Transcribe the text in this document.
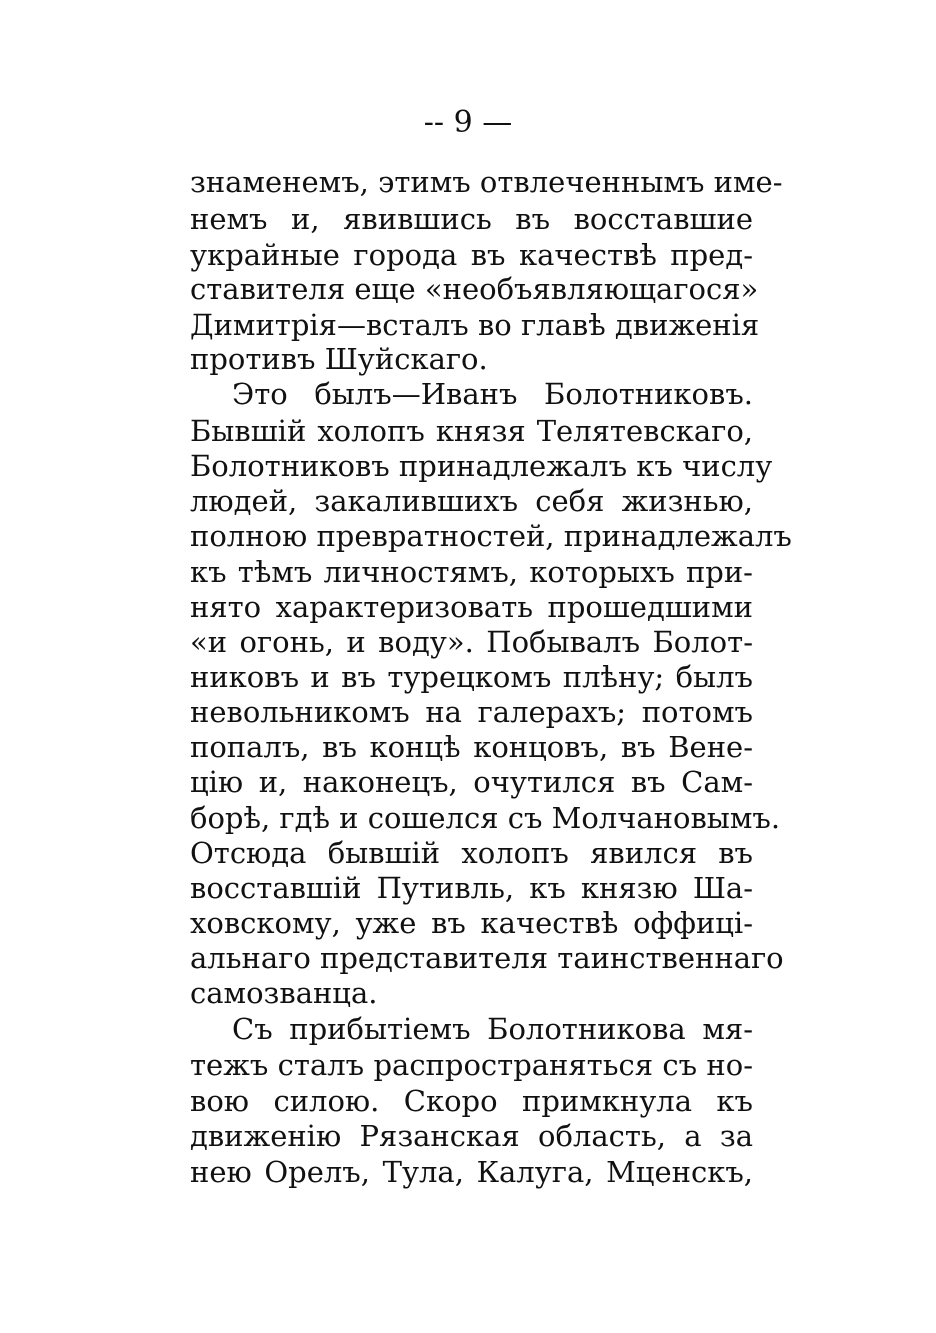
-- 9 —

знаменемъ, этимъ отвлеченнымъ име-

немъ и, явившись въ восставшие

украйные города въ качествѣ пред-

ставителя еще «необъявляющагося»

Димитрія—всталъ во главѣ движенія

противъ Шуйскаго.

Это былъ—Иванъ Болотниковъ.

Бывшій холопъ князя Телятевскаго,

Болотниковъ принадлежалъ къ числу

людей, закалившихъ себя жизнью,

полною превратностей, принадлежалъ

къ тѣмъ личностямъ, которыхъ при-

нято характеризовать прошедшими

«и огонь, и воду». Побывалъ Болот-

никовъ и въ турецкомъ плѣну; былъ

невольникомъ на галерахъ; потомъ

попалъ, въ концѣ концовъ, въ Вене-

цію и, наконецъ, очутился въ Сам-

борѣ, гдѣ и сошелся съ Молчановымъ.

Отсюда бывшій холопъ явился въ

восставшій Путивль, къ князю Ша-

ховскому, уже въ качествѣ оффиці-

альнаго представителя таинственнаго

самозванца.

Съ прибытіемъ Болотникова мя-

тежъ сталъ распространяться съ но-

вою силою. Скоро примкнула къ

движенію Рязанская область, а за

нею Орелъ, Тула, Калуга, Мценскъ,
